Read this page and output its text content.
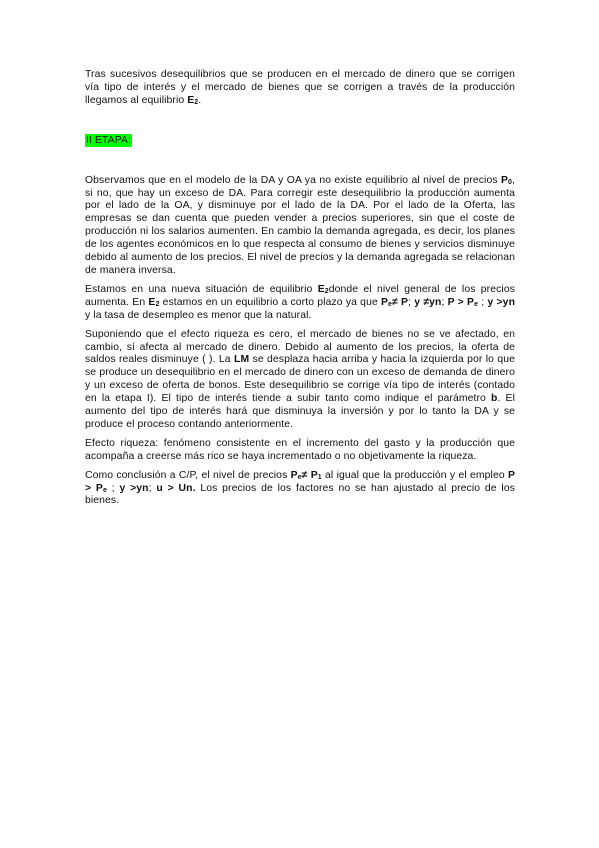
Tras sucesivos desequilibrios que se producen en el mercado de dinero que se corrigen vía tipo de interés y el mercado de bienes que se corrigen a través de la producción llegamos al equilibrio $E_2$.

II ETAPA:

Observamos que en el modelo de la DA y OA ya no existe equilibrio al nivel de precios $P_0$, si no, que hay un exceso de DA. Para corregir este desequilibrio la producción aumenta por el lado de la OA, y disminuye por el lado de la DA. Por el lado de la Oferta, las empresas se dan cuenta que pueden vender a precios superiores, sin que el coste de producción ni los salarios aumenten. En cambio la demanda agregada, es decir, los planes de los agentes económicos en lo que respecta al consumo de bienes y servicios disminuye debido al aumento de los precios. El nivel de precios y la demanda agregada se relacionan de manera inversa.

Estamos en una nueva situación de equilibrio $E_2donde$ el nivel general de los precios aumenta. En $E_2$ estamos en un equilibrio a corto plazo ya que $P_e\ne P$; y ≠yn; $P > P_e$ ; y >yn y la tasa de desempleo es menor que la natural.

Suponiendo que el efecto riqueza es cero, el mercado de bienes no se ve afectado, en cambio, sí afecta al mercado de dinero. Debido al aumento de los precios, la oferta de saldos reales disminuye ( ). La LM se desplaza hacia arriba y hacia la izquierda por lo que se produce un desequilibrio en el mercado de dinero con un exceso de demanda de dinero y un exceso de oferta de bonos. Este desequilibrio se corrige vía tipo de interés (contado en la etapa I). El tipo de interés tiende a subir tanto como indique el parámetro b. El aumento del tipo de interés hará que disminuya la inversión y por lo tanto la DA y se produce el proceso contando anteriormente.

Efecto riqueza: fenómeno consistente en el incremento del gasto y la producción que acompaña a creerse más rico se haya incrementado o no objetivamente la riqueza.

Como conclusión a C/P, el nivel de precios $P_e\ne P_1$ al igual que la producción y el empleo $P > P_e$ ; y >yn; u > Un. Los precios de los factores no se han ajustado al precio de los bienes.
